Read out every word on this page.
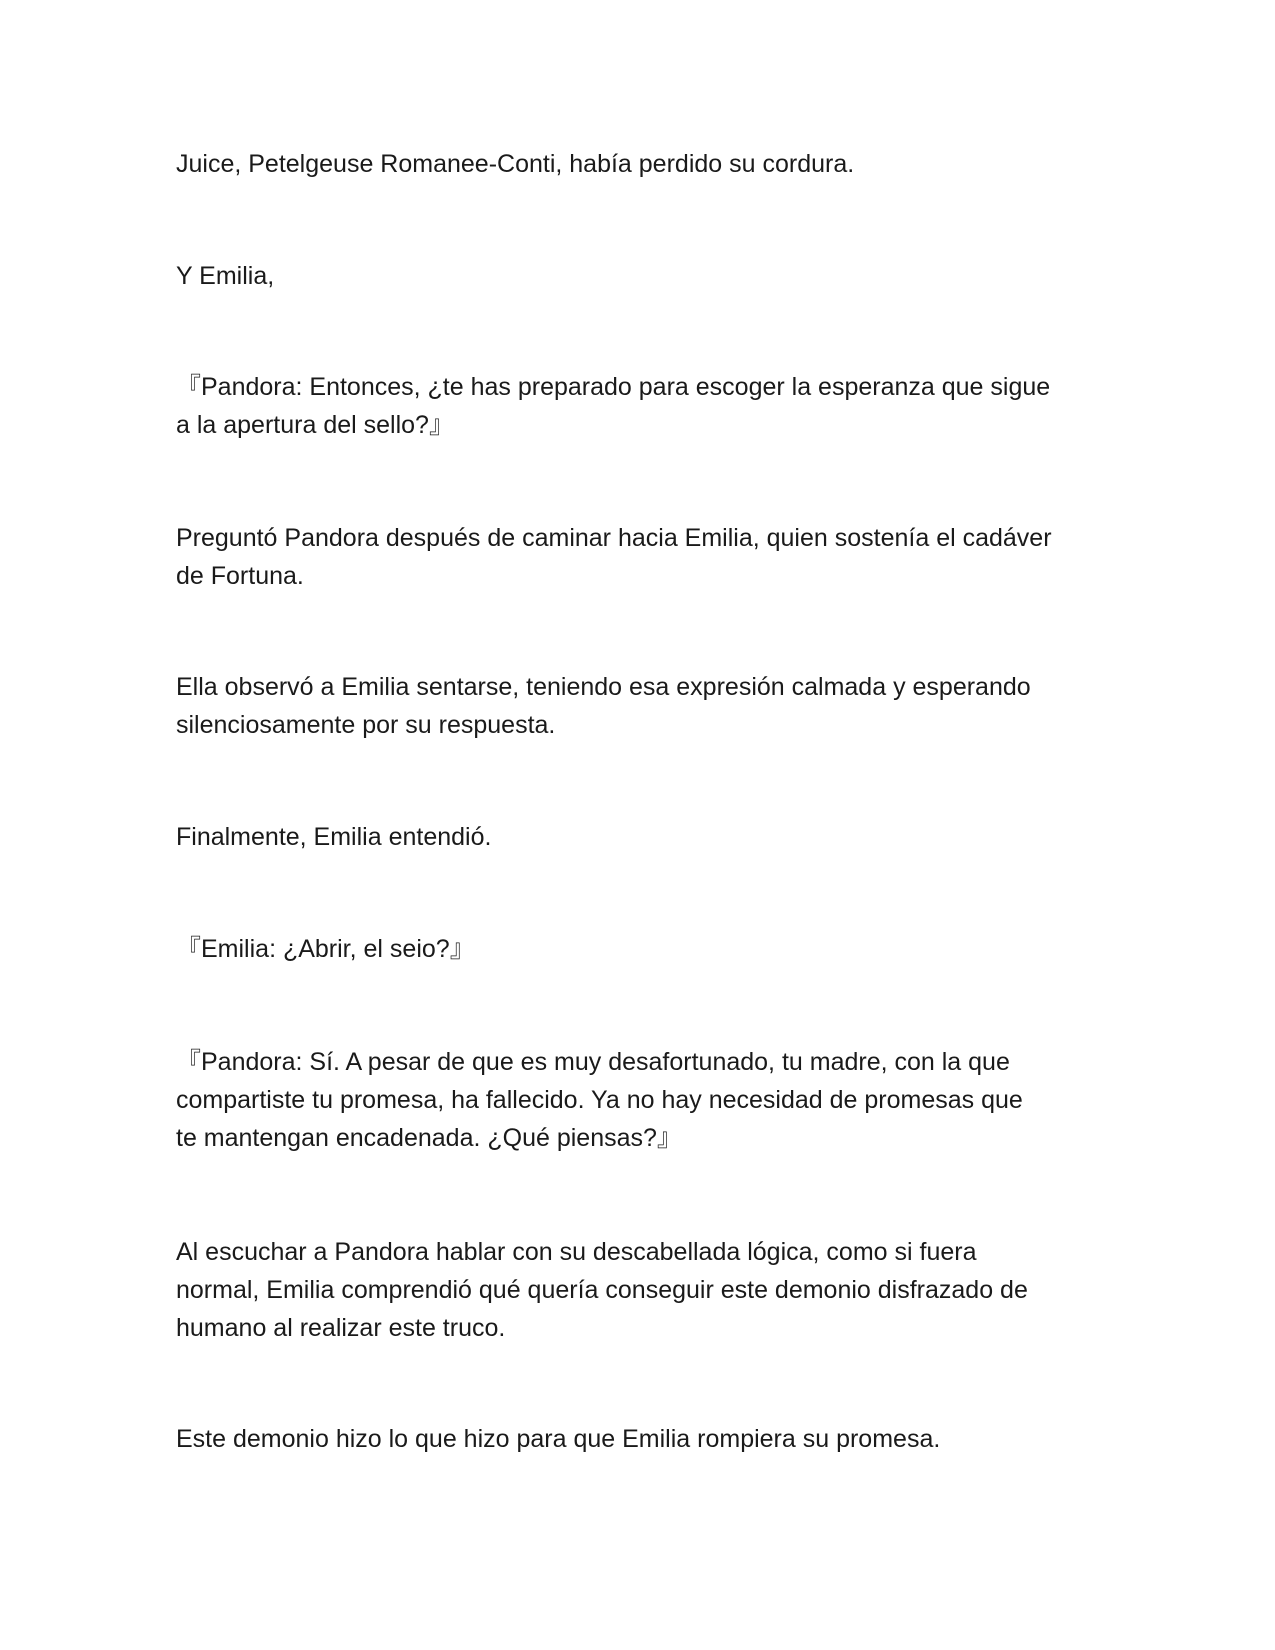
Juice, Petelgeuse Romanee-Conti, había perdido su cordura.

Y Emilia,

『Pandora: Entonces, ¿te has preparado para escoger la esperanza que sigue
a la apertura del sello?』

Preguntó Pandora después de caminar hacia Emilia, quien sostenía el cadáver
de Fortuna.

Ella observó a Emilia sentarse, teniendo esa expresión calmada y esperando
silenciosamente por su respuesta.

Finalmente, Emilia entendió.

『Emilia: ¿Abrir, el seio?』

『Pandora: Sí. A pesar de que es muy desafortunado, tu madre, con la que
compartiste tu promesa, ha fallecido. Ya no hay necesidad de promesas que
te mantengan encadenada. ¿Qué piensas?』

Al escuchar a Pandora hablar con su descabellada lógica, como si fuera
normal, Emilia comprendió qué quería conseguir este demonio disfrazado de
humano al realizar este truco.

Este demonio hizo lo que hizo para que Emilia rompiera su promesa.
